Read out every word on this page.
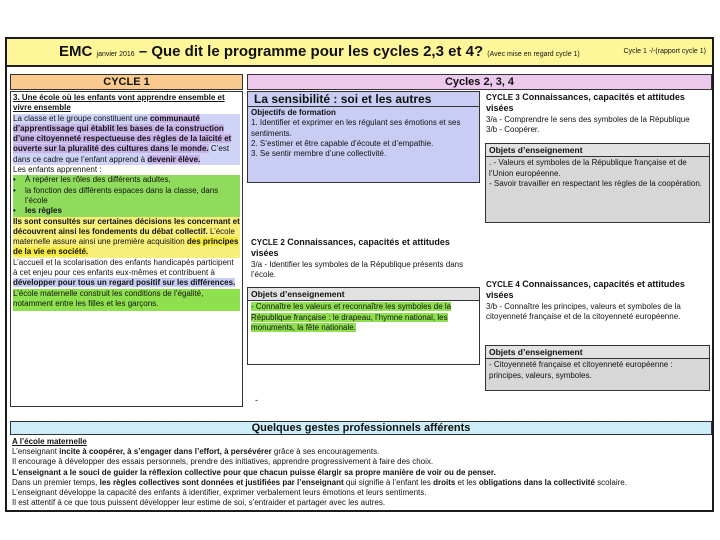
EMC janvier 2016 – Que dit le programme pour les cycles 2,3 et 4? (Avec mise en regard cycle 1)	Cycle 1 -/-(rapport cycle 1)
CYCLE 1	Cycles 2, 3, 4

3. Une école où les enfants vont apprendre ensemble et vivre ensemble

La classe et le groupe constituent une communauté d’apprentissage qui établit les bases de la construction d’une citoyenneté respectueuse des règles de la laïcité et ouverte sur la pluralité des cultures dans le monde. C’est dans ce cadre que l’enfant apprend à devenir élève.

Les enfants apprennent :

•	À repérer les rôles des différents adultes,
•	la fonction des différents espaces dans la classe, dans l’école
•	les règles

Ils sont consultés sur certaines décisions les concernant et découvrent ainsi les fondements du débat collectif. L’école maternelle assure ainsi une première acquisition des principes de la vie en société.

L’accueil et la scolarisation des enfants handicapés participent à cet enjeu pour ces enfants eux-mêmes et contribuent à développer pour tous un regard positif sur les différences.

L’école maternelle construit les conditions de l’égalité, notamment entre les filles et les garçons.

La sensibilité : soi et les autres

Objectifs de formation

1. Identifier et exprimer en les régulant ses émotions et ses sentiments.

2. S’estimer et être capable d’écoute et d’empathie.

3. Se sentir membre d’une collectivité.

CYCLE 2 Connaissances, capacités et attitudes visées
3/a - Identifier les symboles de la République présents dans l’école.
Objets d’enseignement
- Connaître les valeurs et reconnaître les symboles de la République française : le drapeau, l’hymne national, les monuments, la fête nationale.
-
CYCLE 3 Connaissances, capacités et attitudes visées
3/a - Comprendre le sens des symboles de la République
3/b - Coopérer.
Objets d’enseignement
. - Valeurs et symboles de la République française et de l’Union européenne.
- Savoir travailler en respectant les règles de la coopération.
CYCLE 4 Connaissances, capacités et attitudes visées
3/b - Connaître les principes, valeurs et symboles de la citoyenneté française et de la citoyenneté européenne.
Objets d’enseignement
- Citoyenneté française et citoyenneté européenne : principes, valeurs, symboles.
Quelques gestes professionnels afférents

A l’école maternelle

L’enseignant incite à coopérer, à s’engager dans l’effort, à persévérer grâce à ses encouragements.

Il encourage à développer des essais personnels, prendre des initiatives, apprendre progressivement à faire des choix.

L’enseignant a le souci de guider la réflexion collective pour que chacun puisse élargir sa propre manière de voir ou de penser.

Dans un premier temps, les règles collectives sont données et justifiées par l’enseignant qui signifie à l’enfant les droits et les obligations dans la collectivité scolaire.

L’enseignant développe la capacité des enfants à identifier, exprimer verbalement leurs émotions et leurs sentiments.

Il est attentif à ce que tous puissent développer leur estime de soi, s’entraider et partager avec les autres.
